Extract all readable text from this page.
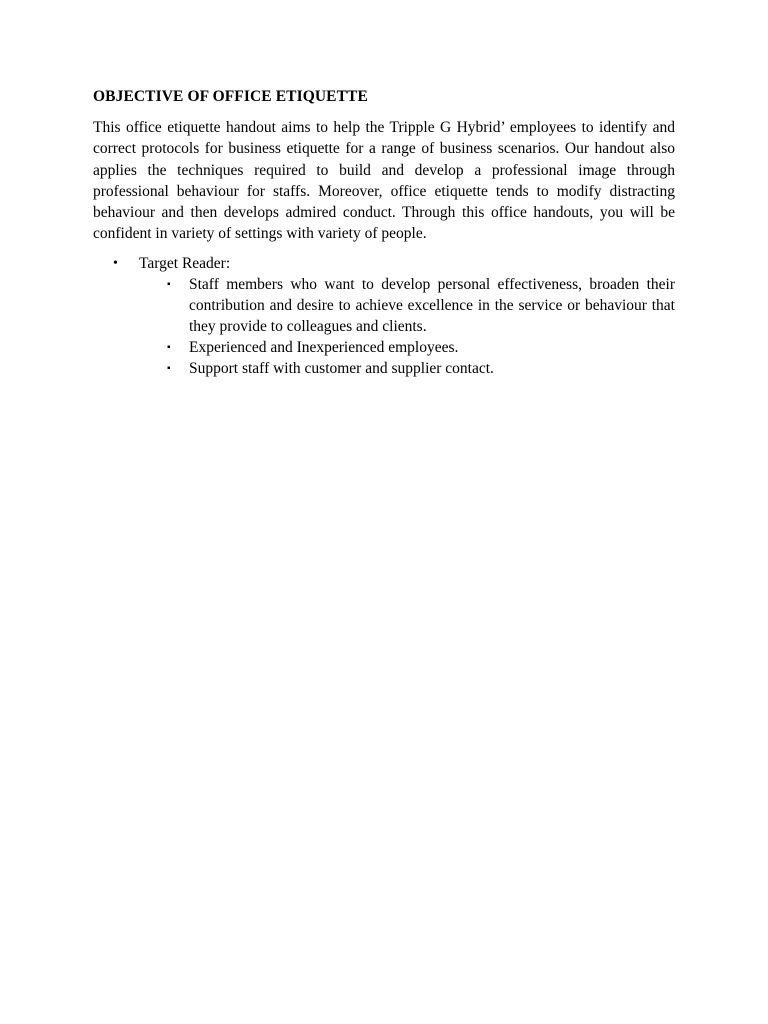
OBJECTIVE OF OFFICE ETIQUETTE

This office etiquette handout aims to help the Tripple G Hybrid’ employees to identify and correct protocols for business etiquette for a range of business scenarios. Our handout also applies the techniques required to build and develop a professional image through professional behaviour for staffs. Moreover, office etiquette tends to modify distracting behaviour and then develops admired conduct. Through this office handouts, you will be confident in variety of settings with variety of people.

• Target Reader:
▪ Staff members who want to develop personal effectiveness, broaden their contribution and desire to achieve excellence in the service or behaviour that they provide to colleagues and clients.
▪ Experienced and Inexperienced employees.
▪ Support staff with customer and supplier contact.
